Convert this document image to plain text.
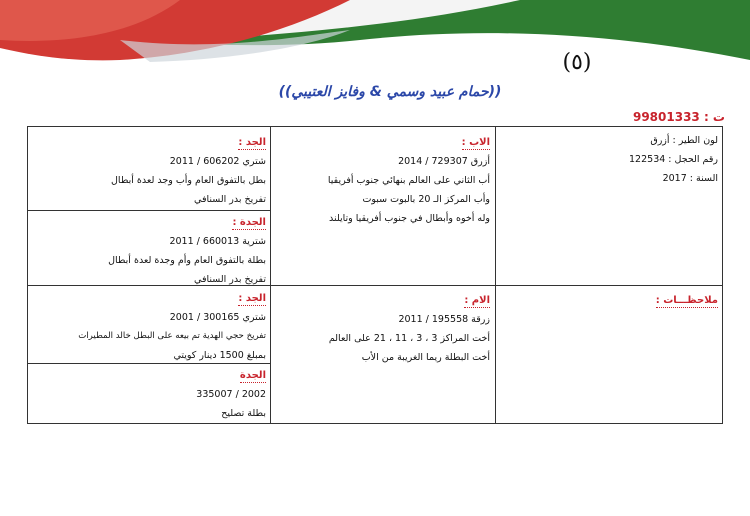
(٥)
((حمام عبيد وسمي & وفايز العتيبي))
ت : 99801333
لون الطير : أزرق
رقم الحجل : 122534
السنة : 2017
الاب :
أزرق 729307 / 2014
أب الثاني على العالم بنهائي جنوب أفريقيا
وأب المركز الـ 20 بالبوت سبوت
وله أخوه وأبطال في جنوب أفريقيا وتايلند
الجد :
شتري 606202 / 2011
بطل بالتفوق العام وأب وجد لعدة أبطال
تفريخ بدر السنافي
الجدة :
شترية 660013 / 2011
بطلة بالتفوق العام وأم وجدة لعدة أبطال
تفريخ بدر السنافي
ملاحظـــات :
الام :
زرقة 195558 / 2011
أخت المراكز 3 ، 3 ، 11 ، 21 على العالم
أخت البطلة ريما الغريبة من الأب
الجد :
شتري 300165 / 2001
تفريخ حجي الهدية تم بيعه على البطل خالد المطيرات
بمبلغ 1500 دينار كويتي
الجدة
2002 / 335007
بطلة تصليح
